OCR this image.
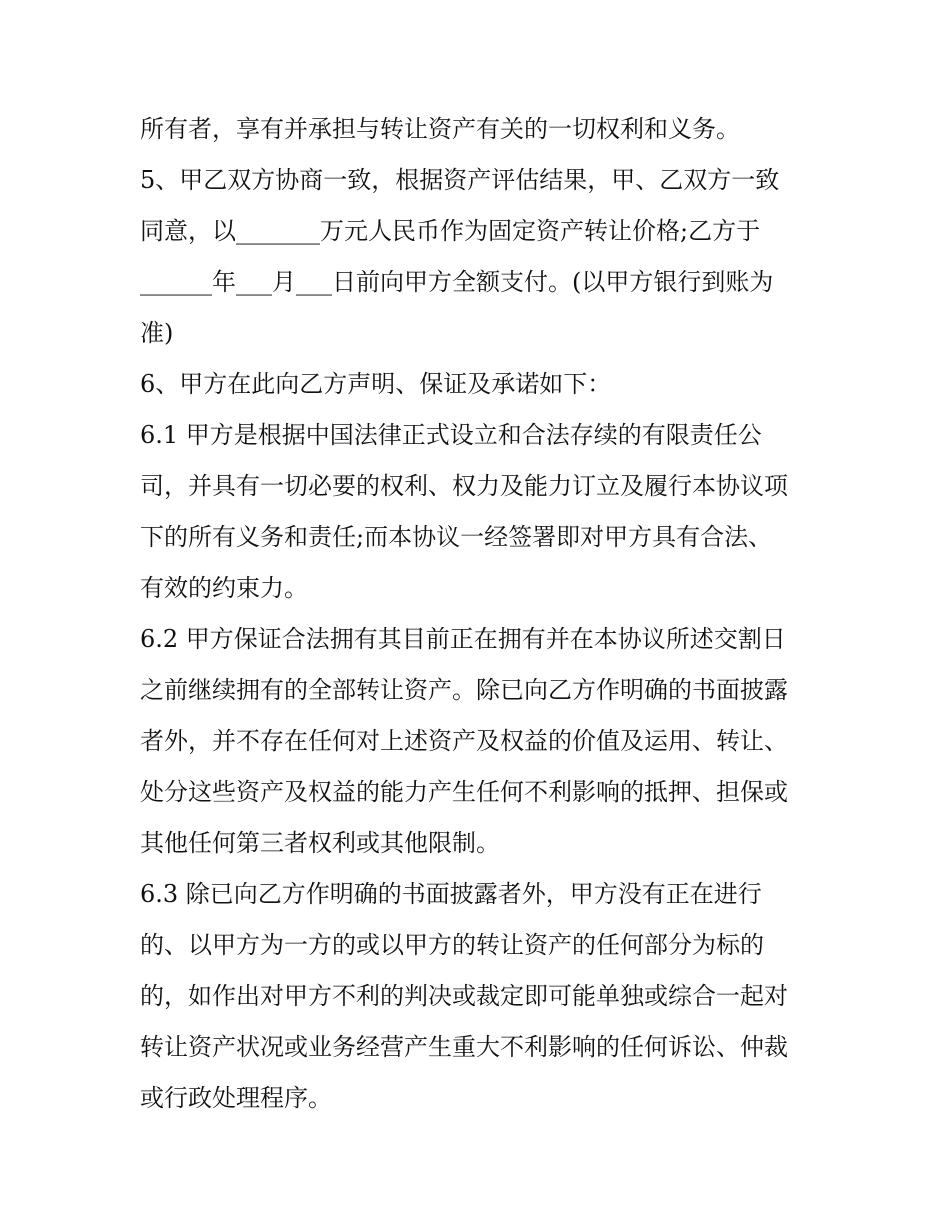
所有者，享有并承担与转让资产有关的一切权利和义务。
5、甲乙双方协商一致，根据资产评估结果，甲、乙双方一致
同意，以_______万元人民币作为固定资产转让价格;乙方于
______年___月___日前向甲方全额支付。(以甲方银行到账为
准)
6、甲方在此向乙方声明、保证及承诺如下：
6.1 甲方是根据中国法律正式设立和合法存续的有限责任公
司，并具有一切必要的权利、权力及能力订立及履行本协议项
下的所有义务和责任;而本协议一经签署即对甲方具有合法、
有效的约束力。
6.2 甲方保证合法拥有其目前正在拥有并在本协议所述交割日
之前继续拥有的全部转让资产。除已向乙方作明确的书面披露
者外，并不存在任何对上述资产及权益的价值及运用、转让、
处分这些资产及权益的能力产生任何不利影响的抵押、担保或
其他任何第三者权利或其他限制。
6.3 除已向乙方作明确的书面披露者外，甲方没有正在进行
的、以甲方为一方的或以甲方的转让资产的任何部分为标的
的，如作出对甲方不利的判决或裁定即可能单独或综合一起对
转让资产状况或业务经营产生重大不利影响的任何诉讼、仲裁
或行政处理程序。
